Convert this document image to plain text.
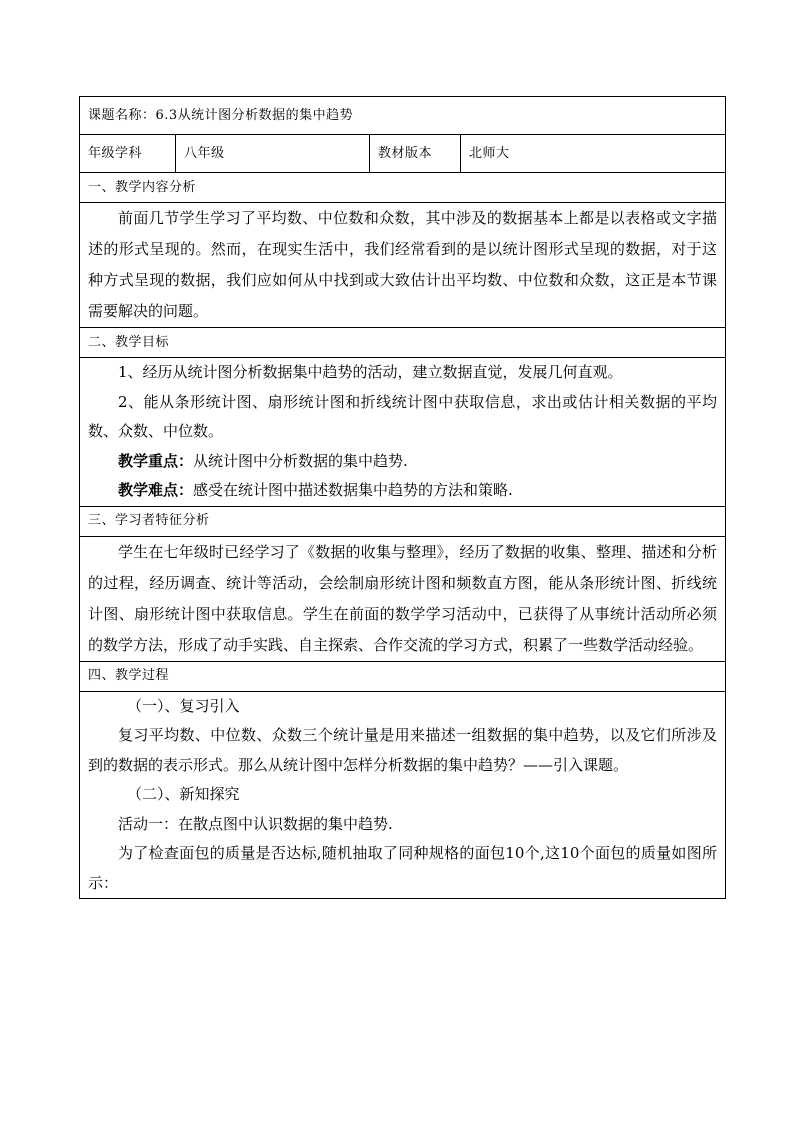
课题名称：6.3从统计图分析数据的集中趋势
年级学科	八年级	教材版本	北师大
一、教学内容分析

前面几节学生学习了平均数、中位数和众数，其中涉及的数据基本上都是以表格或文字描述的形式呈现的。然而，在现实生活中，我们经常看到的是以统计图形式呈现的数据，对于这种方式呈现的数据，我们应如何从中找到或大致估计出平均数、中位数和众数，这正是本节课需要解决的问题。

二、教学目标

1、经历从统计图分析数据集中趋势的活动，建立数据直觉，发展几何直观。

2、能从条形统计图、扇形统计图和折线统计图中获取信息，求出或估计相关数据的平均数、众数、中位数。

教学重点：从统计图中分析数据的集中趋势.

教学难点：感受在统计图中描述数据集中趋势的方法和策略.

三、学习者特征分析

学生在七年级时已经学习了《数据的收集与整理》，经历了数据的收集、整理、描述和分析的过程，经历调查、统计等活动，会绘制扇形统计图和频数直方图，能从条形统计图、折线统计图、扇形统计图中获取信息。学生在前面的数学学习活动中，已获得了从事统计活动所必须的数学方法，形成了动手实践、自主探索、合作交流的学习方式，积累了一些数学活动经验。

四、教学过程

（一）、复习引入

复习平均数、中位数、众数三个统计量是用来描述一组数据的集中趋势，以及它们所涉及到的数据的表示形式。那么从统计图中怎样分析数据的集中趋势？——引入课题。

（二）、新知探究

活动一：在散点图中认识数据的集中趋势.

为了检查面包的质量是否达标,随机抽取了同种规格的面包10个,这10个面包的质量如图所示：
